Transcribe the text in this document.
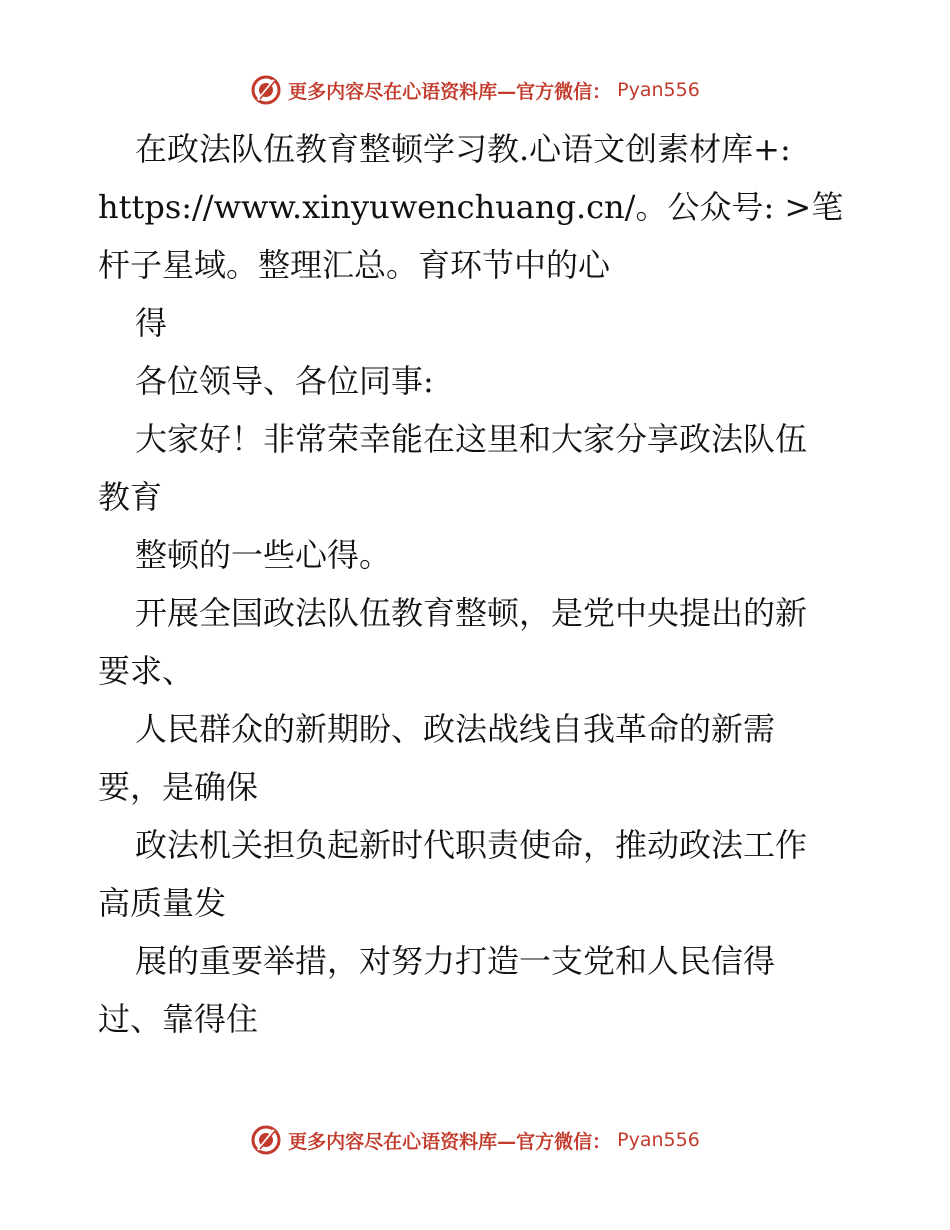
更多内容尽在心语资料库—官方微信： Pyan556
在政法队伍教育整顿学习教.心语文创素材库+:
https://www.xinyuwenchuang.cn/。公众号: >笔
杆子星域。整理汇总。育环节中的心
得
各位领导、各位同事:
大家好！非常荣幸能在这里和大家分享政法队伍
教育
整顿的一些心得。
开展全国政法队伍教育整顿，是党中央提出的新
要求、
人民群众的新期盼、政法战线自我革命的新需
要，是确保
政法机关担负起新时代职责使命，推动政法工作
高质量发
展的重要举措，对努力打造一支党和人民信得
过、靠得住
更多内容尽在心语资料库—官方微信： Pyan556
